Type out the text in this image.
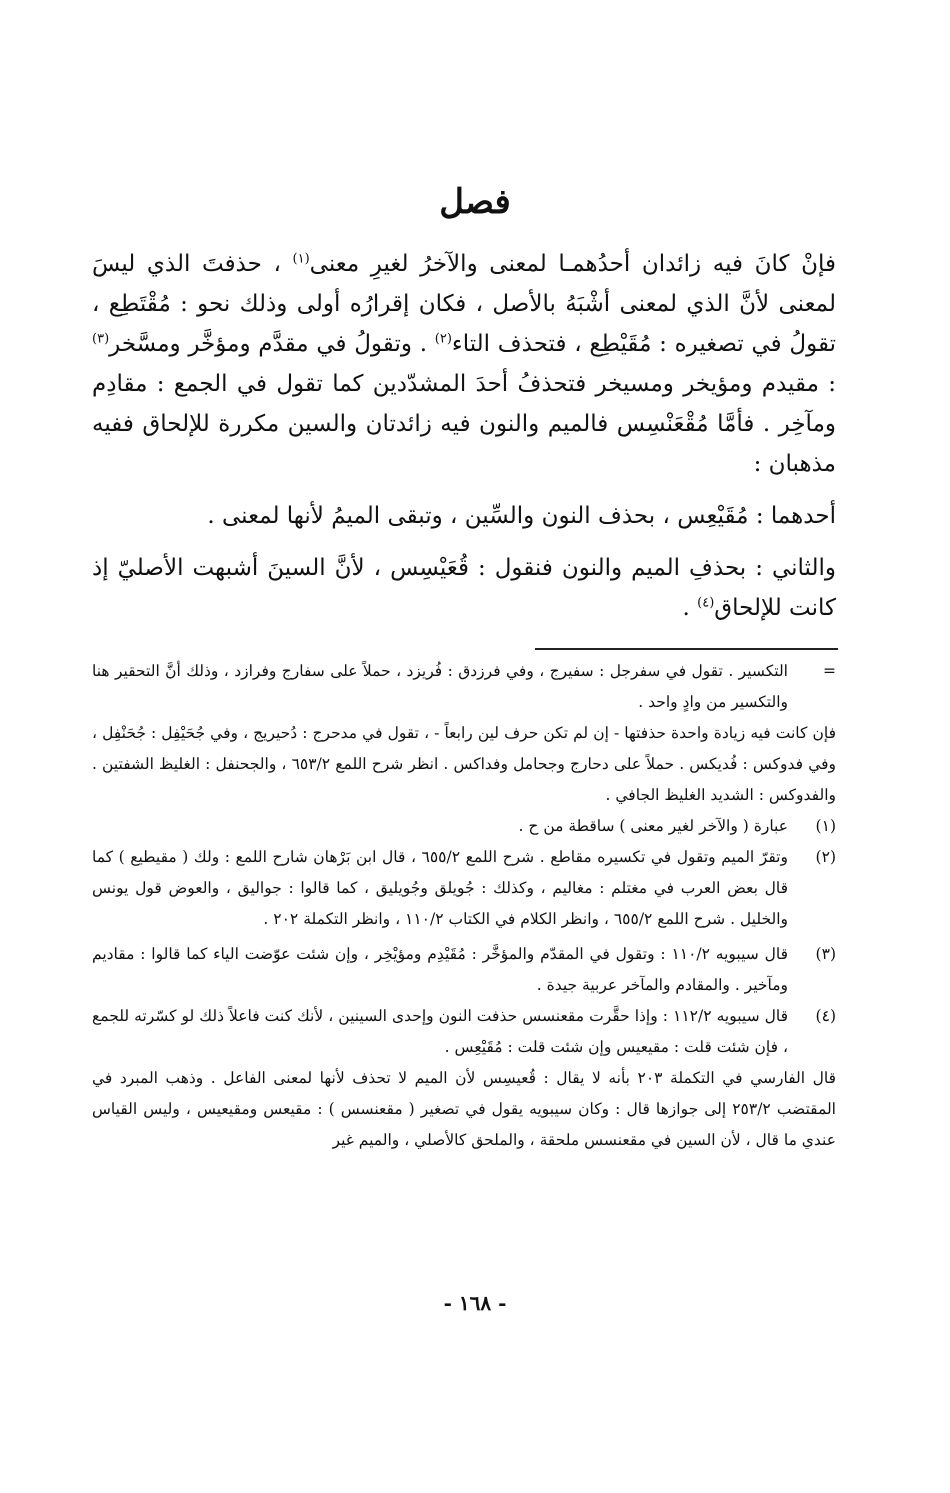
فصل

فإنْ كانَ فيه زائدان أحدُهمـا لمعنى والآخرُ لغيرِ معنى$^{(١)}$ ، حذفتَ الذي ليسَ لمعنى لأنَّ الذي لمعنى أشْبَهُ بالأصل ، فكان إقرارُه أولى وذلك نحو : مُقْتَطِع ، تقولُ في تصغيره : مُقَيْطِع ، فتحذف التاء$^{(٢)}$ . وتقولُ في مقدَّم ومؤخَّر ومسَّخر$^{(٣)}$ : مقيدم ومؤيخر ومسيخر فتحذفُ أحدَ المشدّدين كما تقول في الجمع : مقادِم ومآخِر . فأمَّا مُقْعَنْسِس فالميم والنون فيه زائدتان والسين مكررة للإلحاق ففيه مذهبان :

أحدهما : مُقَيْعِس ، بحذف النون والسِّين ، وتبقى الميمُ لأنها لمعنى .

والثاني : بحذفِ الميم والنون فنقول : قُعَيْسِس ، لأنَّ السينَ أشبهت الأصليّ إذ كانت للإلحاق$^{(٤)}$ .

=
التكسير . تقول في سفرجل : سفيرج ، وفي فرزدق : فُريزد ، حملاً على سفارج وفرازد ، وذلك أنَّ التحقير هنا والتكسير من وادٍ واحد .
فإن كانت فيه زيادة واحدة حذفتها - إن لم تكن حرف لين رابعاً - ، تقول في مدحرج : دُحيريج ، وفي جُحَيْفِل : جُحَنْفِل ، وفي فدوكس : فُديكس . حملاً على دحارج وجحامل وفداكس . انظر شرح اللمع ٦٥٣/٢ ، والجحنفل : الغليظ الشفتين . والفدوكس : الشديد الغليظ الجافي .
(١)
عبارة ( والآخر لغير معنى ) ساقطة من ح .
(٢)
وتقرّ الميم وتقول في تكسيره مقاطع . شرح اللمع ٦٥٥/٢ ، قال ابن بَرْهان شارح اللمع : ولك ( مقيطيع ) كما قال بعض العرب في مغتلم : مغاليم ، وكذلك : جُويلق وجُويليق ، كما قالوا : جواليق ، والعوض قول يونس والخليل . شرح اللمع ٦٥٥/٢ ، وانظر الكلام في الكتاب ١١٠/٢ ، وانظر التكملة ٢٠٢ .
(٣)
قال سيبويه ١١٠/٢ : وتقول في المقدّم والمؤخَّر : مُقَيْدِم ومؤيْخِر ، وإن شئت عوّضت الياء كما قالوا : مقاديم ومآخير . والمقادم والمآخر عربية جيدة .
(٤)
قال سيبويه ١١٢/٢ : وإذا حقَّرت مقعنسس حذفت النون وإحدى السينين ، لأنك كنت فاعلاً ذلك لو كسّرته للجمع ، فإن شئت قلت : مقيعيس وإن شئت قلت : مُقَيْعِس .
قال الفارسي في التكملة ٢٠٣ بأنه لا يقال : قُعيسِس لأن الميم لا تحذف لأنها لمعنى الفاعل . وذهب المبرد في المقتضب ٢٥٣/٢ إلى جوازها قال : وكان سيبويه يقول في تصغير ( مقعنسس ) : مقيعس ومقيعيس ، وليس القياس عندي ما قال ، لأن السين في مقعنسس ملحقة ، والملحق كالأصلي ، والميم غير
- ١٦٨ -
